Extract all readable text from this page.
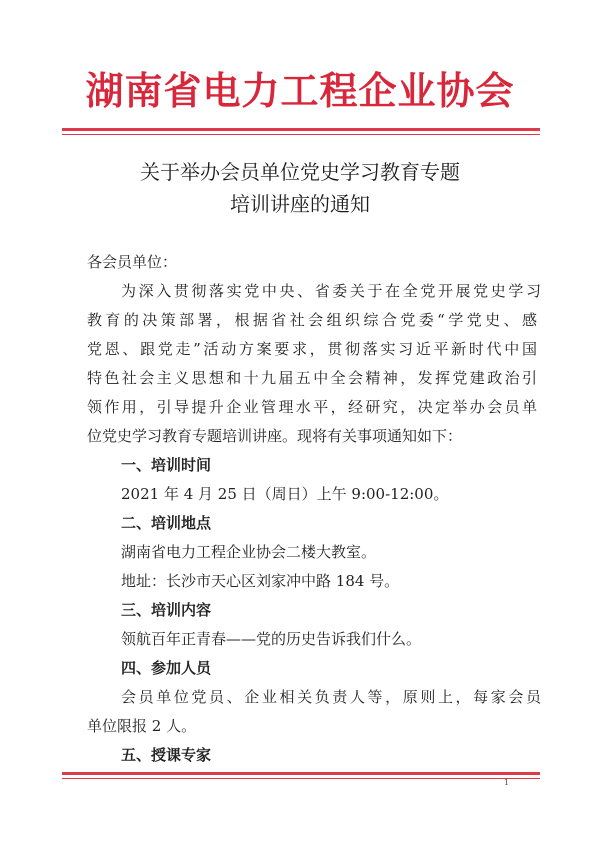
湖南省电力工程企业协会
关于举办会员单位党史学习教育专题
培训讲座的通知
各会员单位：
为深入贯彻落实党中央、省委关于在全党开展党史学习
教育的决策部署，根据省社会组织综合党委“学党史、感
党恩、跟党走”活动方案要求，贯彻落实习近平新时代中国
特色社会主义思想和十九届五中全会精神，发挥党建政治引
领作用，引导提升企业管理水平，经研究，决定举办会员单
位党史学习教育专题培训讲座。现将有关事项通知如下：
一、培训时间
2021 年 4 月 25 日（周日）上午 9:00-12:00。
二、培训地点
湖南省电力工程企业协会二楼大教室。
地址：长沙市天心区刘家冲中路 184 号。
三、培训内容
领航百年正青春——党的历史告诉我们什么。
四、参加人员
会员单位党员、企业相关负责人等，原则上，每家会员
单位限报 2 人。
五、授课专家
1
